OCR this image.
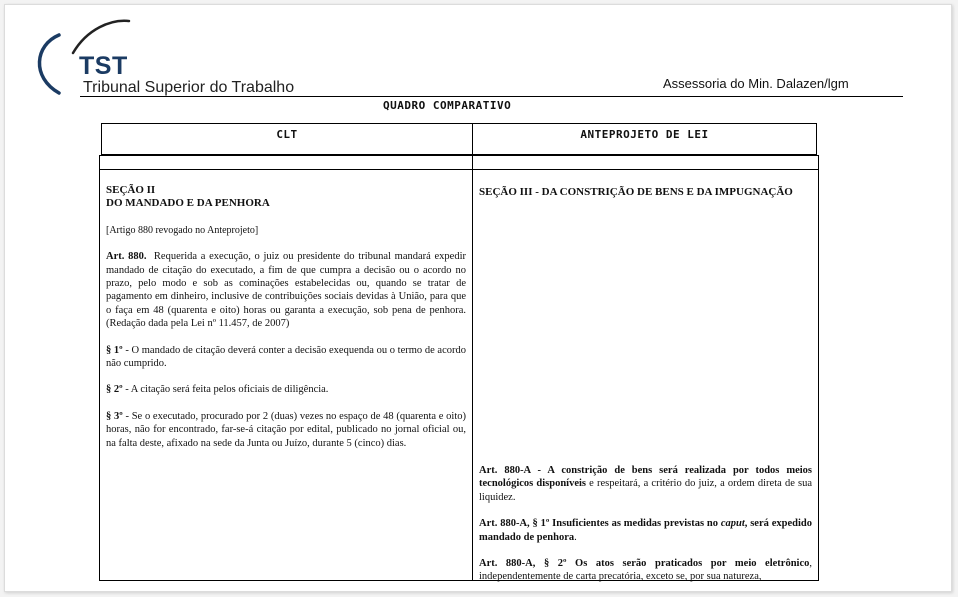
TST
Tribunal Superior do Trabalho	Assessoria do Min. Dalazen/lgm
QUADRO COMPARATIVO
CLT	ANTEPROJETO DE LEI

SEÇÃO II
DO MANDADO E DA PENHORA

[Artigo 880 revogado no Anteprojeto]

Art. 880. Requerida a execução, o juiz ou presidente do tribunal mandará expedir mandado de citação do executado, a fim de que cumpra a decisão ou o acordo no prazo, pelo modo e sob as cominações estabelecidas ou, quando se tratar de pagamento em dinheiro, inclusive de contribuições sociais devidas à União, para que o faça em 48 (quarenta e oito) horas ou garanta a execução, sob pena de penhora. (Redação dada pela Lei nº 11.457, de 2007)

§ 1º - O mandado de citação deverá conter a decisão exequenda ou o termo de acordo não cumprido.

§ 2º - A citação será feita pelos oficiais de diligência.

§ 3º - Se o executado, procurado por 2 (duas) vezes no espaço de 48 (quarenta e oito) horas, não for encontrado, far-se-á citação por edital, publicado no jornal oficial ou, na falta deste, afixado na sede da Junta ou Juízo, durante 5 (cinco) dias.

SEÇÃO III - DA CONSTRIÇÃO DE BENS E DA IMPUGNAÇÃO

Art. 880-A - A constrição de bens será realizada por todos meios tecnológicos disponíveis e respeitará, a critério do juiz, a ordem direta de sua liquidez.

Art. 880-A, § 1º Insuficientes as medidas previstas no caput, será expedido mandado de penhora.

Art. 880-A, § 2º Os atos serão praticados por meio eletrônico, independentemente de carta precatória, exceto se, por sua natureza,
